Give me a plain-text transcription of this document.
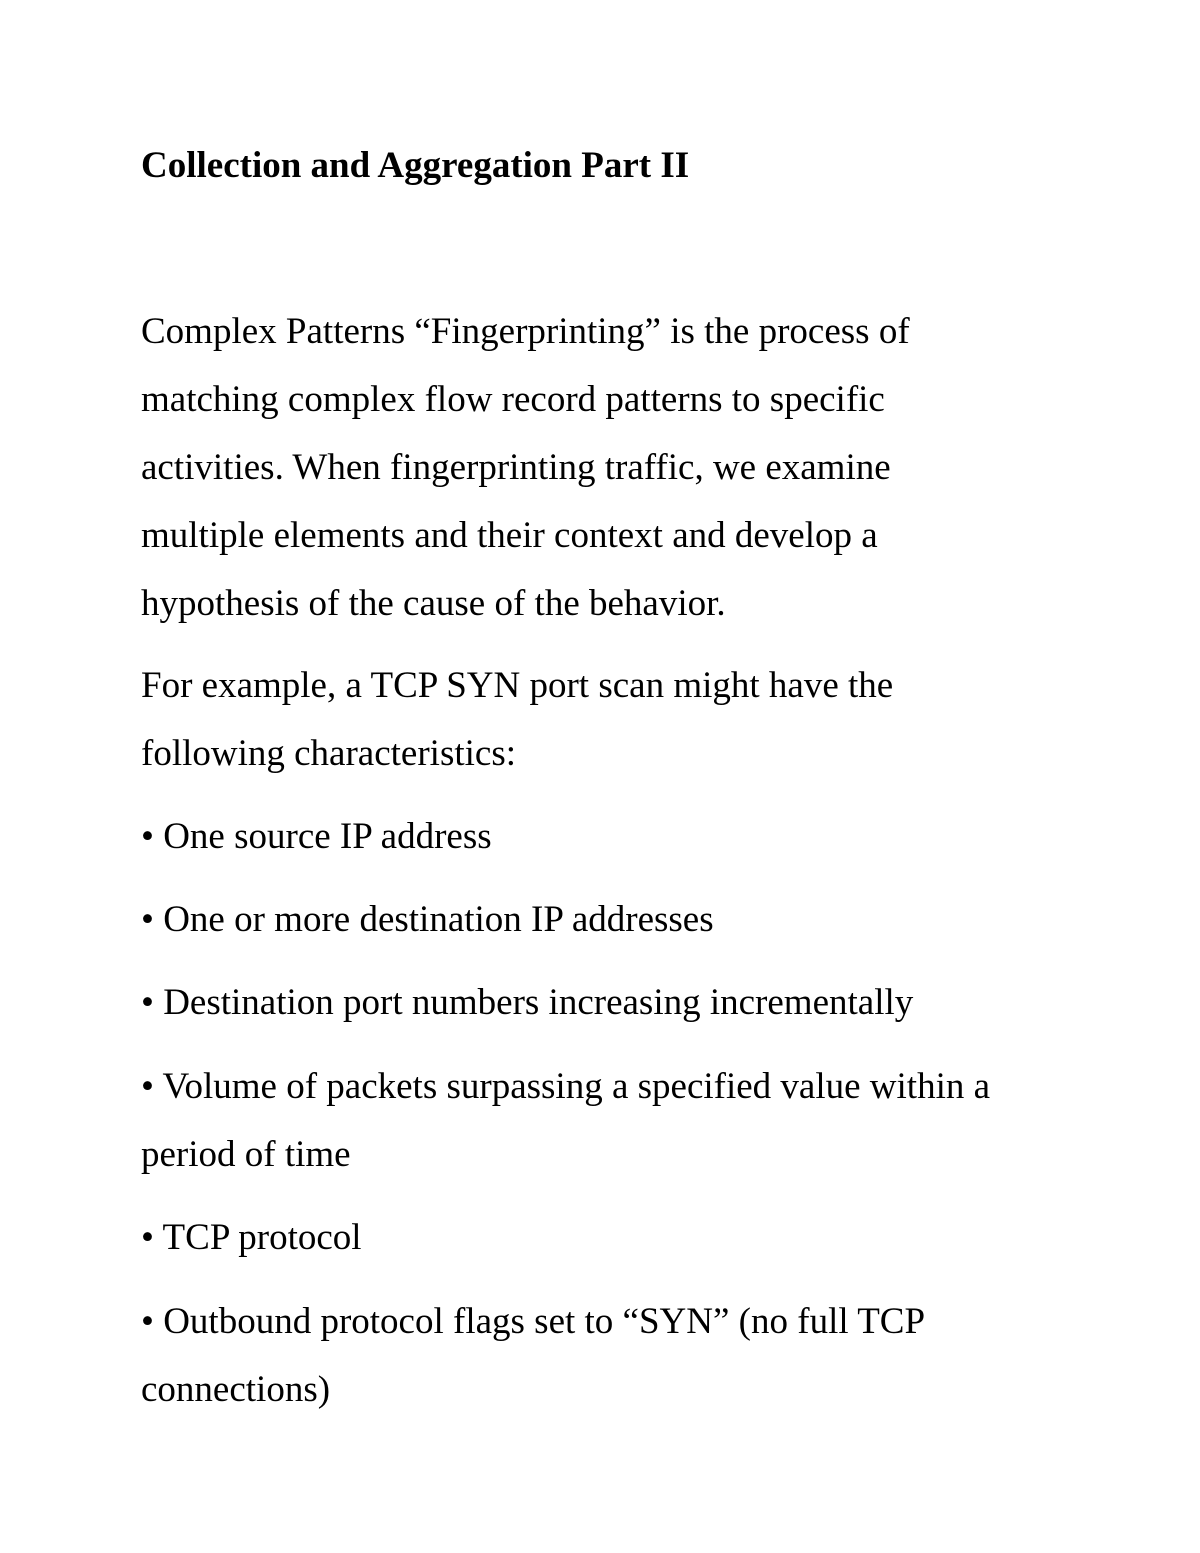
Collection and Aggregation Part II

Complex Patterns “Fingerprinting” is the process of
matching complex flow record patterns to specific
activities. When fingerprinting traffic, we examine
multiple elements and their context and develop a
hypothesis of the cause of the behavior.

For example, a TCP SYN port scan might have the
following characteristics:

• One source IP address

• One or more destination IP addresses

• Destination port numbers increasing incrementally

• Volume of packets surpassing a specified value within a
period of time

• TCP protocol

• Outbound protocol flags set to “SYN” (no full TCP
connections)
